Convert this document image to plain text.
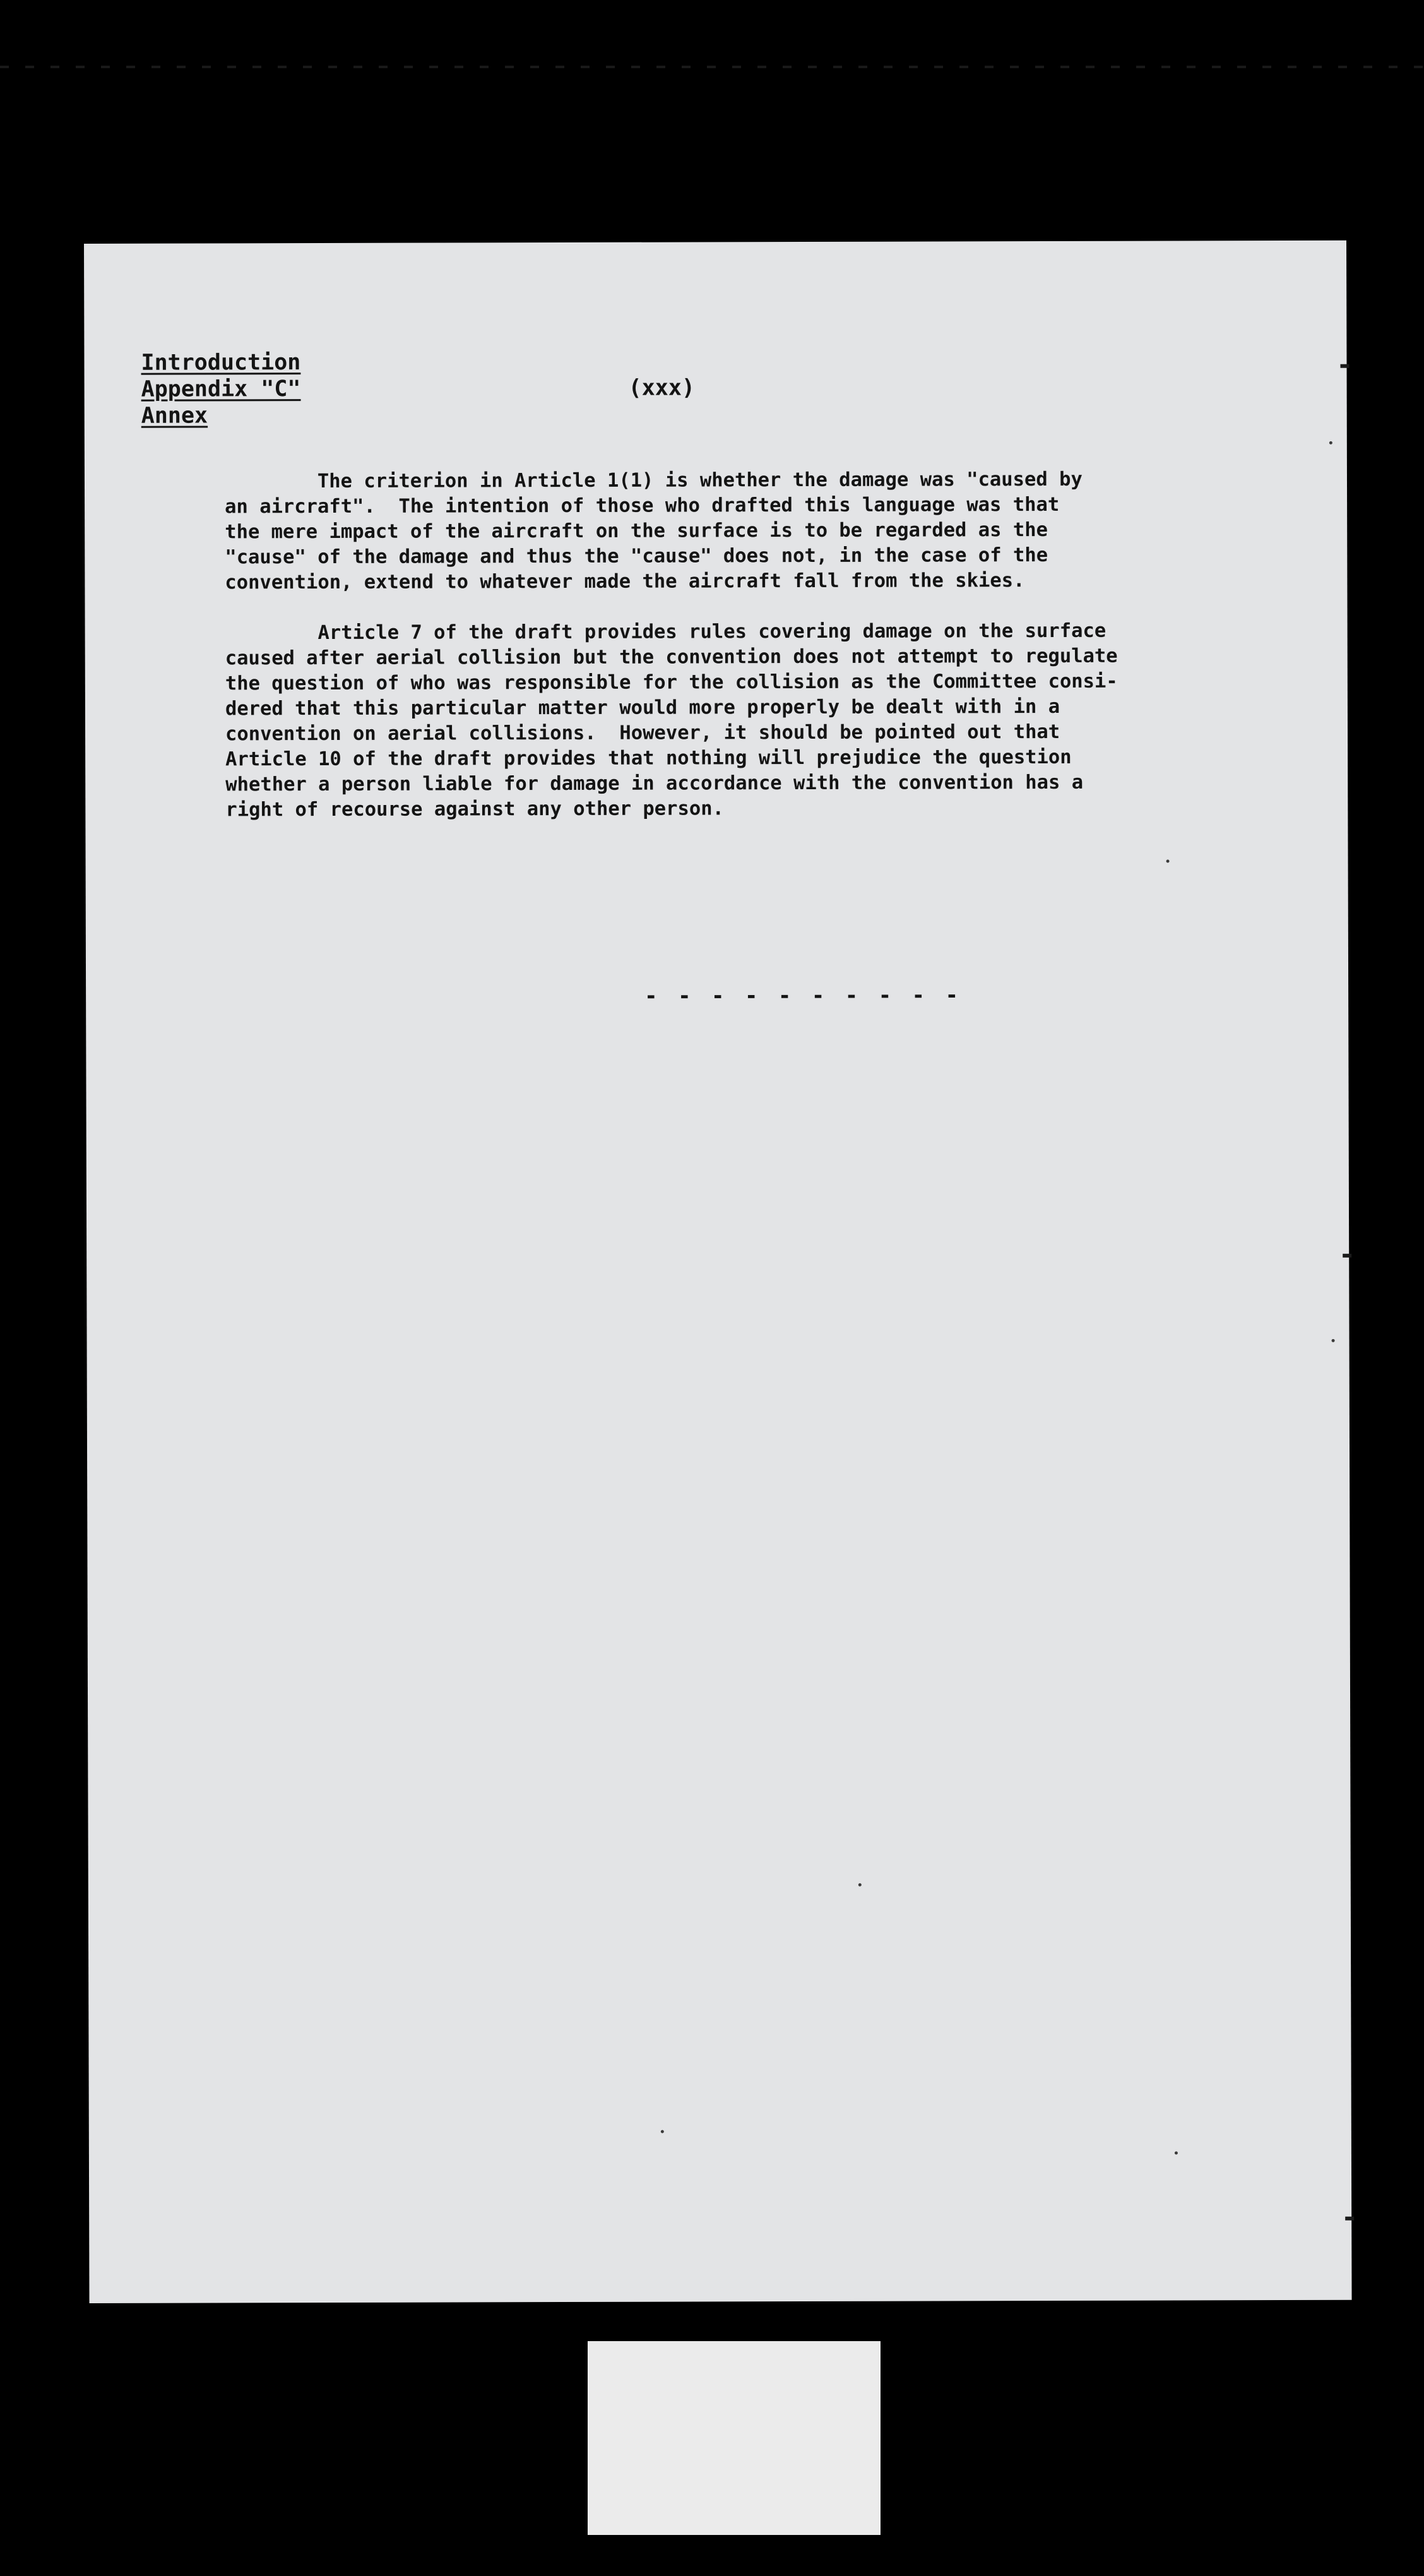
Introduction
Appendix "C"
Annex
(xxx)

The criterion in Article 1(1) is whether the damage was "caused by
an aircraft".  The intention of those who drafted this language was that
the mere impact of the aircraft on the surface is to be regarded as the
"cause" of the damage and thus the "cause" does not, in the case of the
convention, extend to whatever made the aircraft fall from the skies.

Article 7 of the draft provides rules covering damage on the surface
caused after aerial collision but the convention does not attempt to regulate
the question of who was responsible for the collision as the Committee consi-
dered that this particular matter would more properly be dealt with in a
convention on aerial collisions.  However, it should be pointed out that
Article 10 of the draft provides that nothing will prejudice the question
whether a person liable for damage in accordance with the convention has a
right of recourse against any other person.

- - - - - - - - - -
